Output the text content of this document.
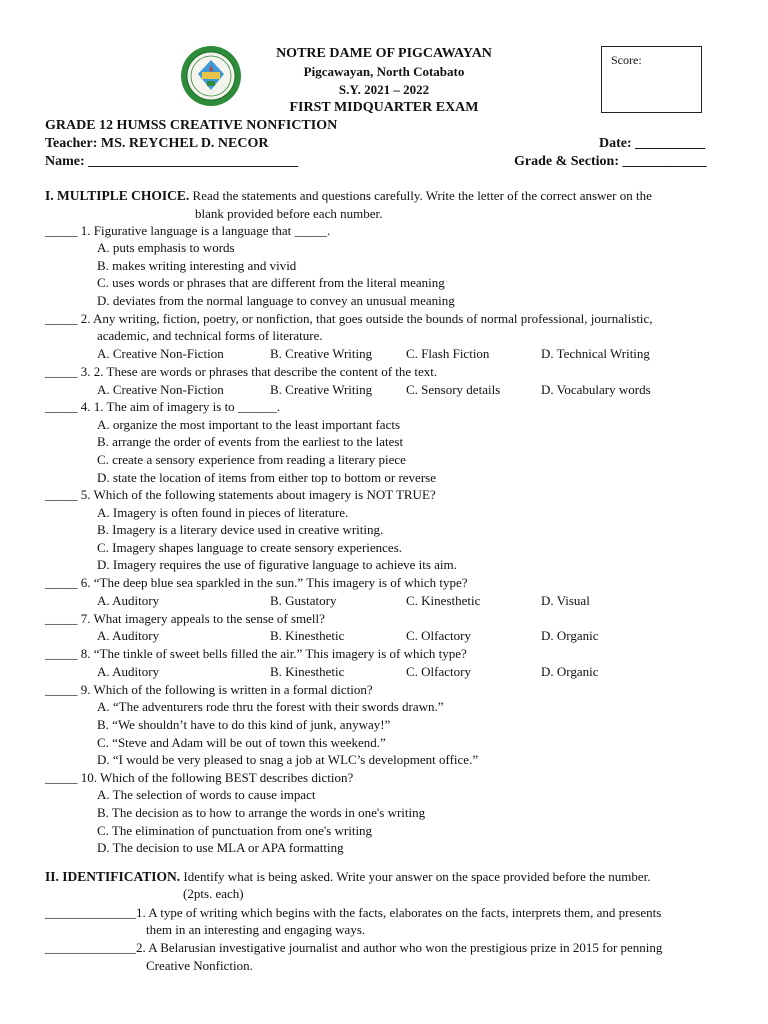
NOTRE DAME OF PIGCAWAYAN
Pigcawayan, North Cotabato
S.Y. 2021 – 2022
FIRST MIDQUARTER EXAM
Score:
GRADE 12 HUMSS CREATIVE NONFICTION
Teacher: MS. REYCHEL D. NECOR
Name: ______________________________
Date: __________
Grade & Section: ____________
I. MULTIPLE CHOICE. Read the statements and questions carefully. Write the letter of the correct answer on the
blank provided before each number.
_____ 1. Figurative language is a language that _____.
A. puts emphasis to words
B. makes writing interesting and vivid
C. uses words or phrases that are different from the literal meaning
D. deviates from the normal language to convey an unusual meaning
_____ 2. Any writing, fiction, poetry, or nonfiction, that goes outside the bounds of normal professional, journalistic,
academic, and technical forms of literature.
A. Creative Non-Fiction	B. Creative Writing	C. Flash Fiction	D. Technical Writing
_____ 3. 2. These are words or phrases that describe the content of the text.
A. Creative Non-Fiction	B. Creative Writing	C. Sensory details	D. Vocabulary words
_____ 4. 1. The aim of imagery is to ______.
A. organize the most important to the least important facts
B. arrange the order of events from the earliest to the latest
C. create a sensory experience from reading a literary piece
D. state the location of items from either top to bottom or reverse
_____ 5. Which of the following statements about imagery is NOT TRUE?
A. Imagery is often found in pieces of literature.
B. Imagery is a literary device used in creative writing.
C. Imagery shapes language to create sensory experiences.
D. Imagery requires the use of figurative language to achieve its aim.
_____ 6. “The deep blue sea sparkled in the sun.” This imagery is of which type?
A. Auditory	B. Gustatory	C. Kinesthetic	D. Visual
_____ 7. What imagery appeals to the sense of smell?
A. Auditory	B. Kinesthetic	C. Olfactory	D. Organic
_____ 8. “The tinkle of sweet bells filled the air.” This imagery is of which type?
A. Auditory	B. Kinesthetic	C. Olfactory	D. Organic
_____ 9. Which of the following is written in a formal diction?
A. “The adventurers rode thru the forest with their swords drawn.”
B. “We shouldn’t have to do this kind of junk, anyway!”
C. “Steve and Adam will be out of town this weekend.”
D. “I would be very pleased to snag a job at WLC’s development office.”
_____ 10. Which of the following BEST describes diction?
A. The selection of words to cause impact
B. The decision as to how to arrange the words in one's writing
C. The elimination of punctuation from one's writing
D. The decision to use MLA or APA formatting
II. IDENTIFICATION. Identify what is being asked. Write your answer on the space provided before the number.
(2pts. each)
______________1. A type of writing which begins with the facts, elaborates on the facts, interprets them, and presents
them in an interesting and engaging ways.
______________2. A Belarusian investigative journalist and author who won the prestigious prize in 2015 for penning
Creative Nonfiction.
